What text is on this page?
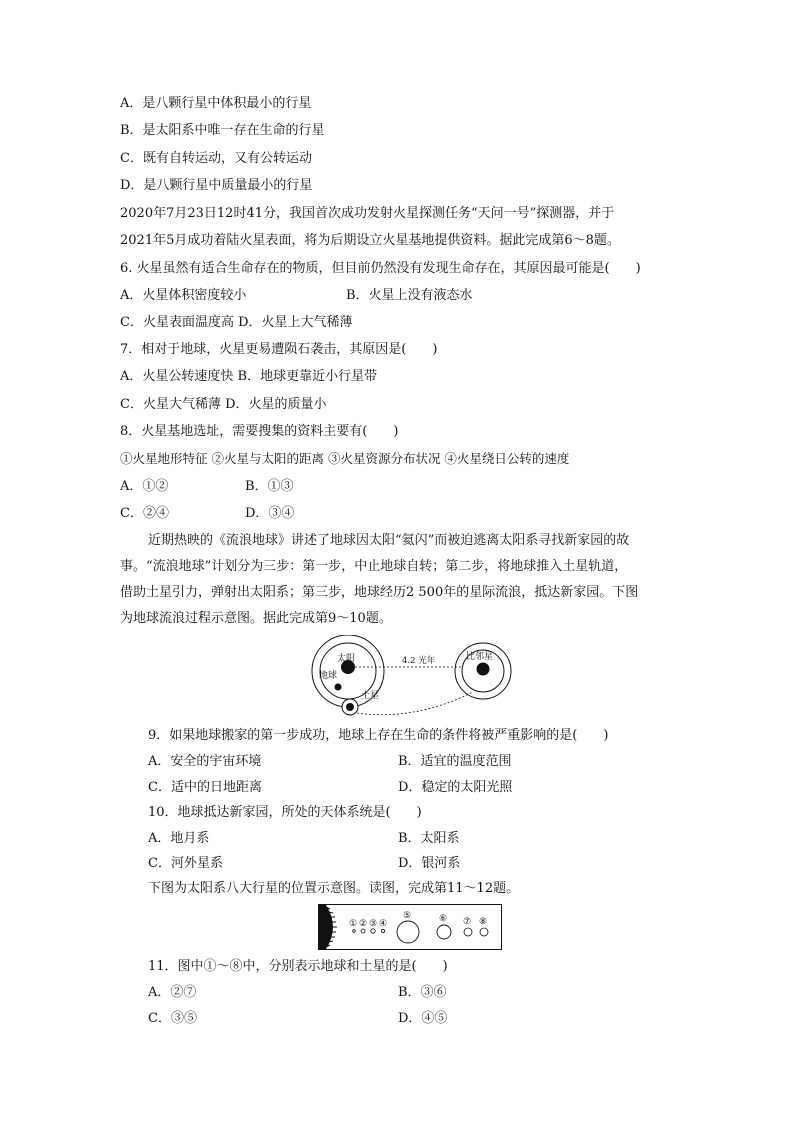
A．是八颗行星中体积最小的行星
B．是太阳系中唯一存在生命的行星
C．既有自转运动，又有公转运动
D．是八颗行星中质量最小的行星
2020年7月23日12时41分，我国首次成功发射火星探测任务“天问一号”探测器，并于
2021年5月成功着陆火星表面，将为后期设立火星基地提供资料。据此完成第6～8题。
6. 火星虽然有适合生命存在的物质，但目前仍然没有发现生命存在，其原因最可能是(　　)
A．火星体积密度较小	B．火星上没有液态水
C．火星表面温度高 D．火星上大气稀薄
7．相对于地球，火星更易遭陨石袭击，其原因是(　　)
A．火星公转速度快 B．地球更靠近小行星带
C．火星大气稀薄 D．火星的质量小
8．火星基地选址，需要搜集的资料主要有(　　)
①火星地形特征 ②火星与太阳的距离 ③火星资源分布状况 ④火星绕日公转的速度
A．①②	B．①③
C．②④	D．③④
近期热映的《流浪地球》讲述了地球因太阳“氦闪”而被迫逃离太阳系寻找新家园的故
事。“流浪地球”计划分为三步：第一步，中止地球自转；第二步，将地球推入土星轨道，
借助土星引力，弹射出太阳系；第三步，地球经历2 500年的星际流浪，抵达新家园。下图
为地球流浪过程示意图。据此完成第9～10题。
太阳
地球
土星
4.2 光年	比邻星
9．如果地球搬家的第一步成功，地球上存在生命的条件将被严重影响的是(　　)
A．安全的宇宙环境	B．适宜的温度范围
C．适中的日地距离	D．稳定的太阳光照
10．地球抵达新家园，所处的天体系统是(　　)
A．地月系	B．太阳系
C．河外星系	D．银河系
下图为太阳系八大行星的位置示意图。读图，完成第11～12题。
① ② ③ ④
⑤	⑥ ⑦ ⑧
11．图中①～⑧中，分别表示地球和土星的是(　　)
A．②⑦	B．③⑥
C．③⑤	D．④⑤
